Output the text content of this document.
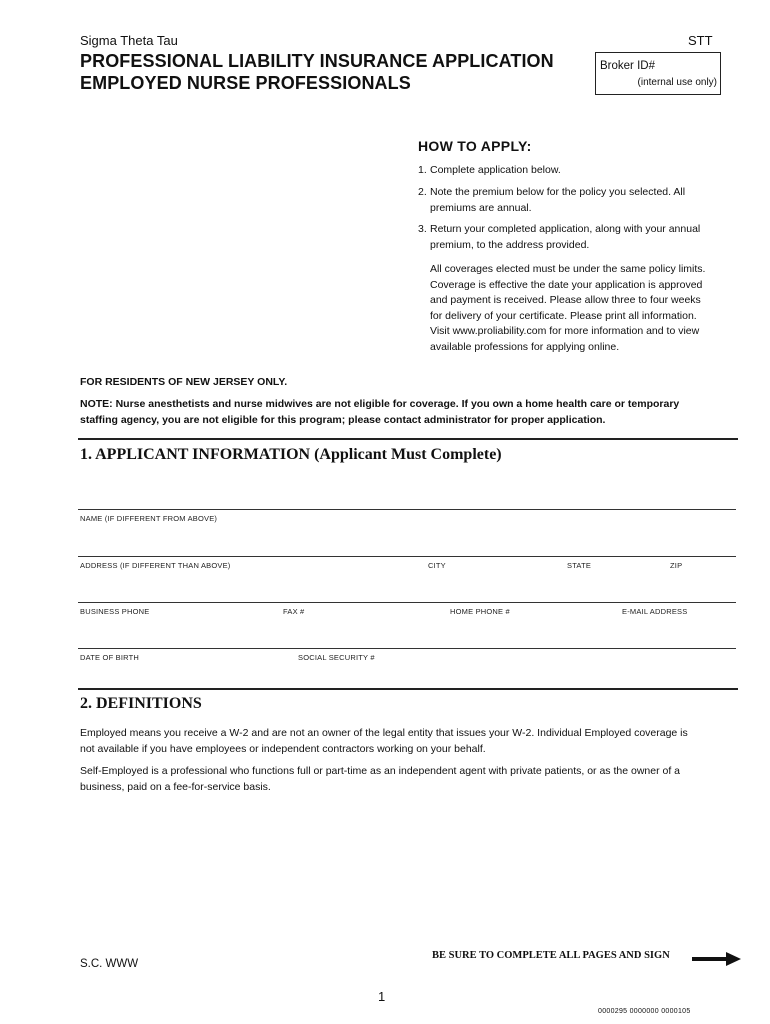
Sigma Theta Tau	STT
PROFESSIONAL LIABILITY INSURANCE APPLICATION
EMPLOYED NURSE PROFESSIONALS
Broker ID#
(internal use only)
HOW TO APPLY:
1. Complete application below.
2. Note the premium below for the policy you selected. All premiums are annual.
3. Return your completed application, along with your annual premium, to the address provided.
All coverages elected must be under the same policy limits. Coverage is effective the date your application is approved and payment is received. Please allow three to four weeks for delivery of your certificate. Please print all information. Visit www.proliability.com for more information and to view available professions for applying online.
FOR RESIDENTS OF NEW JERSEY ONLY.
NOTE: Nurse anesthetists and nurse midwives are not eligible for coverage. If you own a home health care or temporary staffing agency, you are not eligible for this program; please contact administrator for proper application.
1. APPLICANT INFORMATION (Applicant Must Complete)
NAME (IF DIFFERENT FROM ABOVE)
ADDRESS (IF DIFFERENT THAN ABOVE)	CITY	STATE	ZIP
BUSINESS PHONE	FAX #	HOME PHONE #	E-MAIL ADDRESS
DATE OF BIRTH	SOCIAL SECURITY #
2. DEFINITIONS
Employed means you receive a W-2 and are not an owner of the legal entity that issues your W-2. Individual Employed coverage is not available if you have employees or independent contractors working on your behalf.
Self-Employed is a professional who functions full or part-time as an independent agent with private patients, or as the owner of a business, paid on a fee-for-service basis.
S.C. WWW
BE SURE TO COMPLETE ALL PAGES AND SIGN
1
0000295 0000000 0000105
